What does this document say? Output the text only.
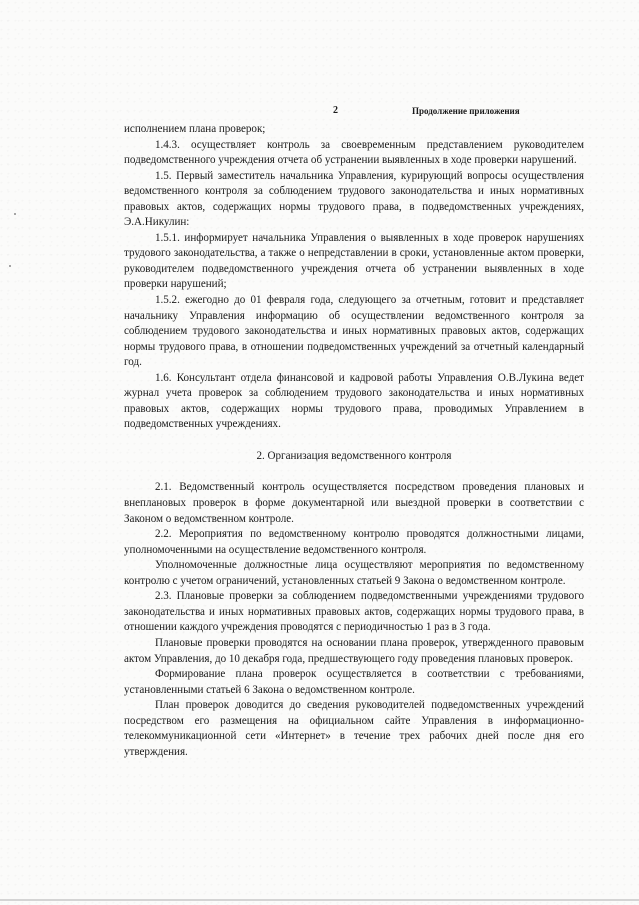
2	Продолжение приложения

исполнением плана проверок;

1.4.3. осуществляет контроль за своевременным представлением руководителем подведомственного учреждения отчета об устранении выявленных в ходе проверки нарушений.

1.5. Первый заместитель начальника Управления, курирующий вопросы осуществления ведомственного контроля за соблюдением трудового законодательства и иных нормативных правовых актов, содержащих нормы трудового права, в подведомственных учреждениях, Э.А.Никулин:

1.5.1. информирует начальника Управления о выявленных в ходе проверок нарушениях трудового законодательства, а также о непредставлении в сроки, установленные актом проверки, руководителем подведомственного учреждения отчета об устранении выявленных в ходе проверки нарушений;

1.5.2. ежегодно до 01 февраля года, следующего за отчетным, готовит и представляет начальнику Управления информацию об осуществлении ведомственного контроля за соблюдением трудового законодательства и иных нормативных правовых актов, содержащих нормы трудового права, в отношении подведомственных учреждений за отчетный календарный год.

1.6. Консультант отдела финансовой и кадровой работы Управления О.В.Лукина ведет журнал учета проверок за соблюдением трудового законодательства и иных нормативных правовых актов, содержащих нормы трудового права, проводимых Управлением в подведомственных учреждениях.

2. Организация ведомственного контроля

2.1. Ведомственный контроль осуществляется посредством проведения плановых и внеплановых проверок в форме документарной или выездной проверки в соответствии с Законом о ведомственном контроле.

2.2. Мероприятия по ведомственному контролю проводятся должностными лицами, уполномоченными на осуществление ведомственного контроля.

Уполномоченные должностные лица осуществляют мероприятия по ведомственному контролю с учетом ограничений, установленных статьей 9 Закона о ведомственном контроле.

2.3. Плановые проверки за соблюдением подведомственными учреждениями трудового законодательства и иных нормативных правовых актов, содержащих нормы трудового права, в отношении каждого учреждения проводятся с периодичностью 1 раз в 3 года.

Плановые проверки проводятся на основании плана проверок, утвержденного правовым актом Управления, до 10 декабря года, предшествующего году проведения плановых проверок.

Формирование плана проверок осуществляется в соответствии с требованиями, установленными статьей 6 Закона о ведомственном контроле.

План проверок доводится до сведения руководителей подведомственных учреждений посредством его размещения на официальном сайте Управления в информационно-телекоммуникационной сети «Интернет» в течение трех рабочих дней после дня его утверждения.
